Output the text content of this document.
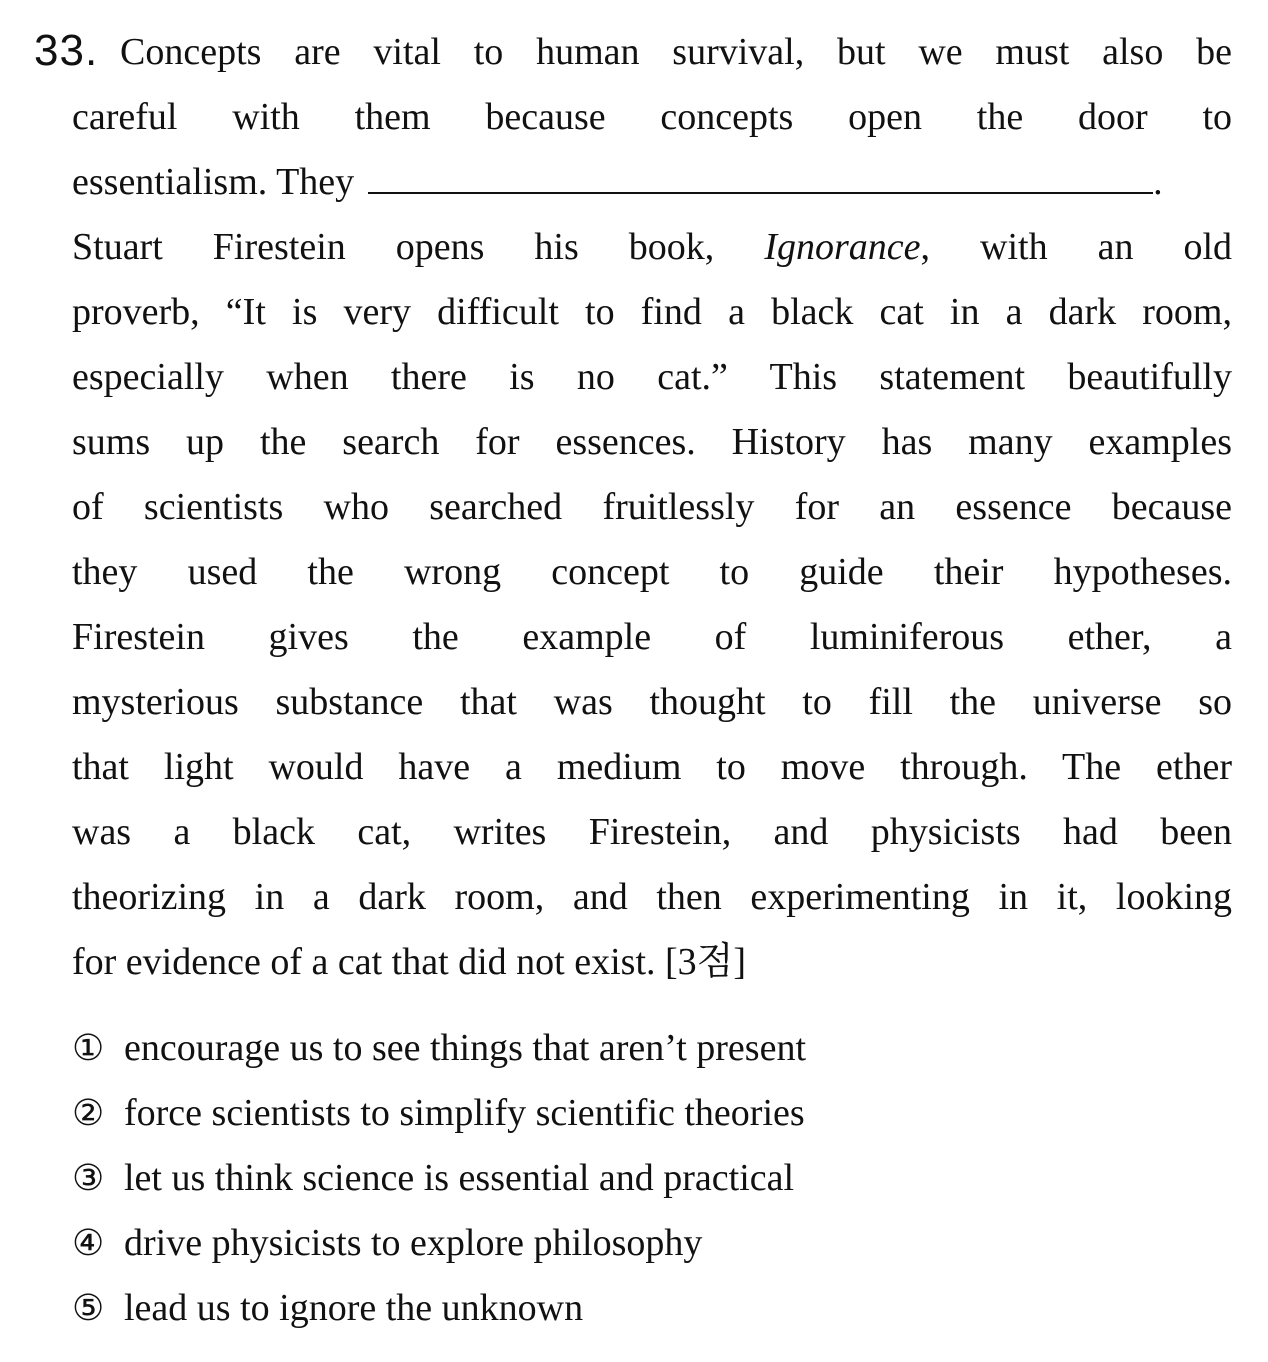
33. Concepts are vital to human survival, but we must also be
careful with them because concepts open the door to
essentialism. They	.
Stuart Firestein opens his book, Ignorance, with an old
proverb, “It is very difficult to find a black cat in a dark room,
especially when there is no cat.” This statement beautifully
sums up the search for essences. History has many examples
of scientists who searched fruitlessly for an essence because
they used the wrong concept to guide their hypotheses.
Firestein gives the example of luminiferous ether, a
mysterious substance that was thought to fill the universe so
that light would have a medium to move through. The ether
was a black cat, writes Firestein, and physicists had been
theorizing in a dark room, and then experimenting in it, looking
for evidence of a cat that did not exist. [3점]
① encourage us to see things that aren’t present
② force scientists to simplify scientific theories
③ let us think science is essential and practical
④ drive physicists to explore philosophy
⑤ lead us to ignore the unknown
